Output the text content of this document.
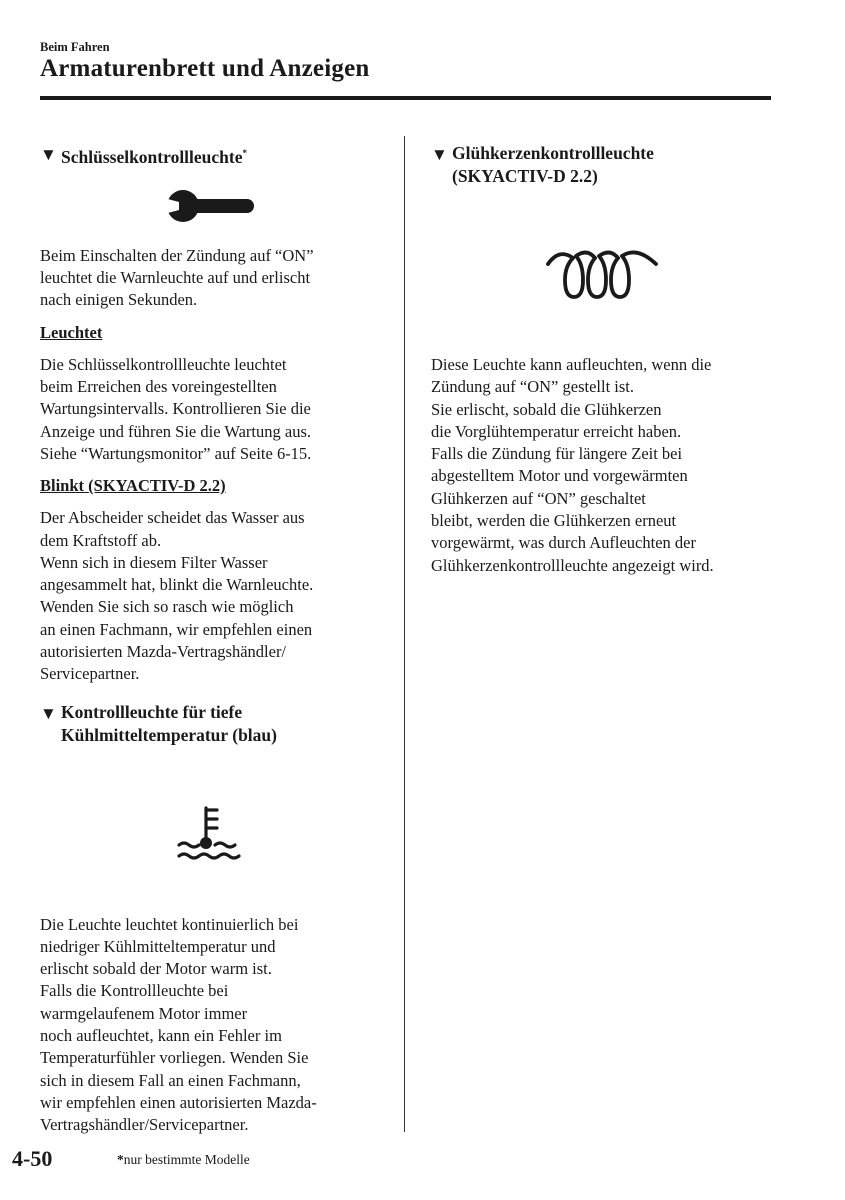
Beim Fahren
Armaturenbrett und Anzeigen
▼ Schlüsselkontrollleuchte*

Beim Einschalten der Zündung auf “ON”
leuchtet die Warnleuchte auf und erlischt
nach einigen Sekunden.

Leuchtet

Die Schlüsselkontrollleuchte leuchtet
beim Erreichen des voreingestellten
Wartungsintervalls. Kontrollieren Sie die
Anzeige und führen Sie die Wartung aus.
Siehe “Wartungsmonitor” auf Seite 6-15.

Blinkt (SKYACTIV-D 2.2)

Der Abscheider scheidet das Wasser aus
dem Kraftstoff ab.
Wenn sich in diesem Filter Wasser
angesammelt hat, blinkt die Warnleuchte.
Wenden Sie sich so rasch wie möglich
an einen Fachmann, wir empfehlen einen
autorisierten Mazda-Vertragshändler/
Servicepartner.

▼ Kontrollleuchte für tiefe
Kühlmitteltemperatur (blau)

Die Leuchte leuchtet kontinuierlich bei
niedriger Kühlmitteltemperatur und
erlischt sobald der Motor warm ist.
Falls die Kontrollleuchte bei
warmgelaufenem Motor immer
noch aufleuchtet, kann ein Fehler im
Temperaturfühler vorliegen. Wenden Sie
sich in diesem Fall an einen Fachmann,
wir empfehlen einen autorisierten Mazda-
Vertragshändler/Servicepartner.

▼ Glühkerzenkontrollleuchte
(SKYACTIV-D 2.2)

Diese Leuchte kann aufleuchten, wenn die
Zündung auf “ON” gestellt ist.
Sie erlischt, sobald die Glühkerzen
die Vorglühtemperatur erreicht haben.
Falls die Zündung für längere Zeit bei
abgestelltem Motor und vorgewärmten
Glühkerzen auf “ON” geschaltet
bleibt, werden die Glühkerzen erneut
vorgewärmt, was durch Aufleuchten der
Glühkerzenkontrollleuchte angezeigt wird.

4-50	*nur bestimmte Modelle
